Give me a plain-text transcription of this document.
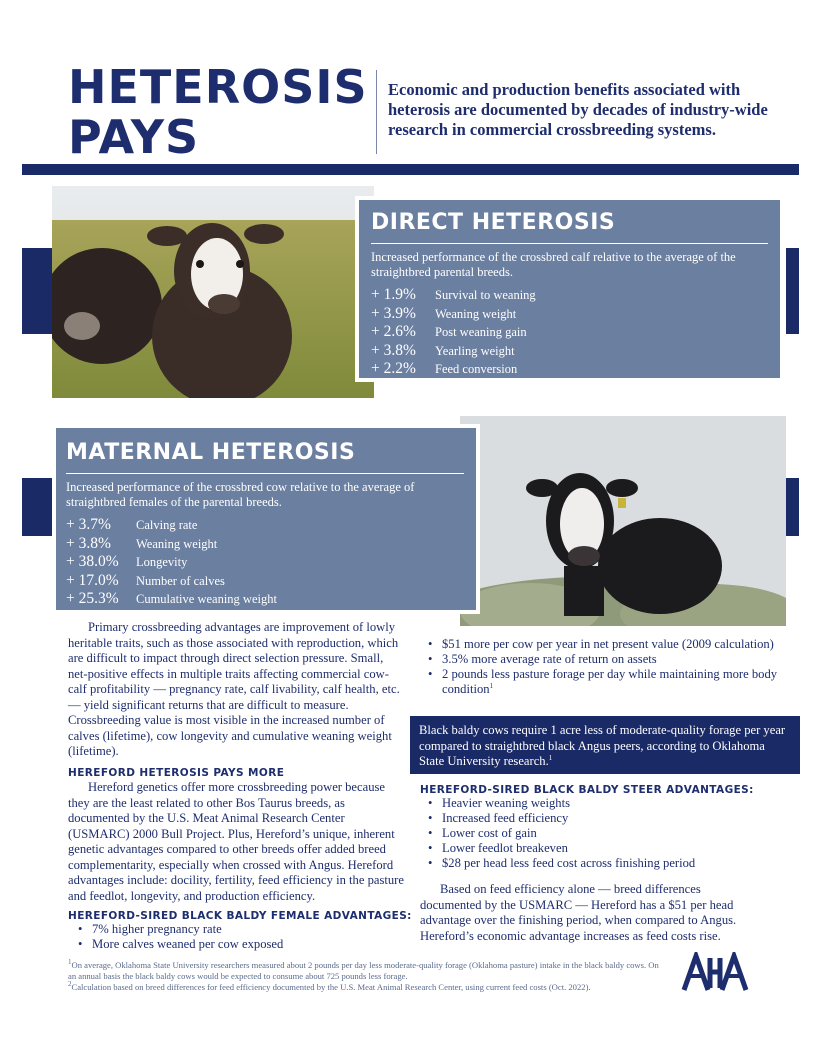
HETEROSIS
PAYS
Economic and production benefits associated with heterosis are documented by decades of industry-wide research in commercial crossbreeding systems.
DIRECT HETEROSIS
Increased performance of the crossbred calf relative to the average of the straightbred parental breeds.
+ 1.9%	Survival to weaning
+ 3.9%	Weaning weight
+ 2.6%	Post weaning gain
+ 3.8%	Yearling weight
+ 2.2%	Feed conversion
MATERNAL HETEROSIS
Increased performance of the crossbred cow relative to the average of straightbred females of the parental breeds.
+ 3.7%	Calving rate
+ 3.8%	Weaning weight
+ 38.0%	Longevity
+ 17.0%	Number of calves
+ 25.3%	Cumulative weaning weight

Primary crossbreeding advantages are improvement of lowly heritable traits, such as those associated with reproduction, which are difficult to impact through direct selection pressure. Small, net-positive effects in multiple traits affecting commercial cow-calf profitability — pregnancy rate, calf livability, calf health, etc. — yield significant returns that are difficult to measure. Crossbreeding value is most visible in the increased number of calves (lifetime), cow longevity and cumulative weaning weight (lifetime).

HEREFORD HETEROSIS PAYS MORE

Hereford genetics offer more crossbreeding power because they are the least related to other Bos Taurus breeds, as documented by the U.S. Meat Animal Research Center (USMARC) 2000 Bull Project. Plus, Hereford’s unique, inherent genetic advantages compared to other breeds offer added breed complementarity, especially when crossed with Angus. Hereford advantages include: docility, fertility, feed efficiency in the pasture and feedlot, longevity, and production efficiency.

HEREFORD-SIRED BLACK BALDY FEMALE ADVANTAGES:
• 7% higher pregnancy rate
• More calves weaned per cow exposed
• $51 more per cow per year in net present value (2009 calculation)
• 3.5% more average rate of return on assets
• 2 pounds less pasture forage per day while maintaining more body condition$^1$
Black baldy cows require 1 acre less of moderate-quality forage per year compared to straightbred black Angus peers, according to Oklahoma State University research.$^1$
HEREFORD-SIRED BLACK BALDY STEER ADVANTAGES:
• Heavier weaning weights
• Increased feed efficiency
• Lower cost of gain
• Lower feedlot breakeven
• $28 per head less feed cost across finishing period

Based on feed efficiency alone — breed differences documented by the USMARC — Hereford has a $51 per head advantage over the finishing period, when compared to Angus. Hereford’s economic advantage increases as feed costs rise.

$^1$On average, Oklahoma State University researchers measured about 2 pounds per day less moderate-quality forage (Oklahoma pasture) intake in the black baldy cows. On an annual basis the black baldy cows would be expected to consume about 725 pounds less forage.
$^2$Calculation based on breed differences for feed efficiency documented by the U.S. Meat Animal Research Center, using current feed costs (Oct. 2022).
